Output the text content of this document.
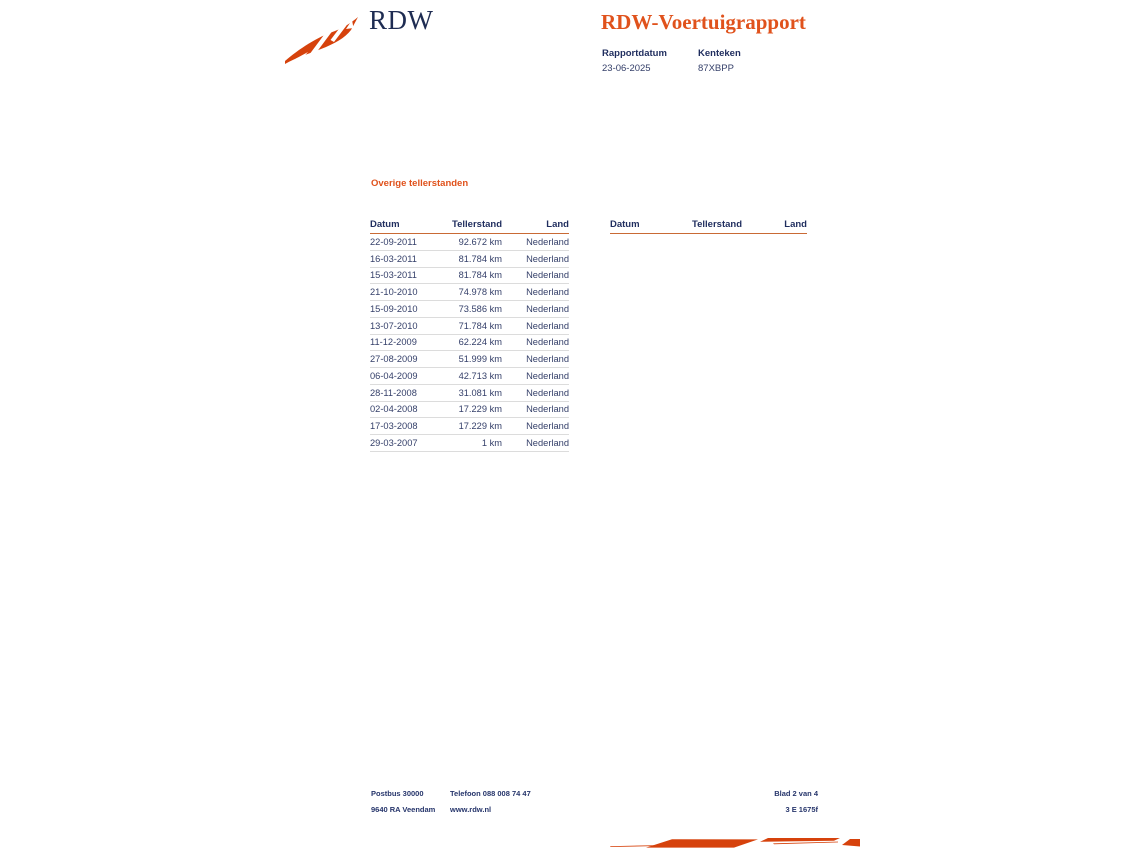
RDW	RDW-Voertuigrapport
Rapportdatum
23-06-2025
Kenteken
87XBPP
Overige tellerstanden
Datum	Tellerstand	Land
22-09-2011	92.672 km	Nederland
16-03-2011	81.784 km	Nederland
15-03-2011	81.784 km	Nederland
21-10-2010	74.978 km	Nederland
15-09-2010	73.586 km	Nederland
13-07-2010	71.784 km	Nederland
11-12-2009	62.224 km	Nederland
27-08-2009	51.999 km	Nederland
06-04-2009	42.713 km	Nederland
28-11-2008	31.081 km	Nederland
02-04-2008	17.229 km	Nederland
17-03-2008	17.229 km	Nederland
29-03-2007	1 km	Nederland
Datum	Tellerstand	Land
Postbus 30000
9640 RA Veendam
Telefoon 088 008 74 47
www.rdw.nl
Blad 2 van 4
3 E 1675f
